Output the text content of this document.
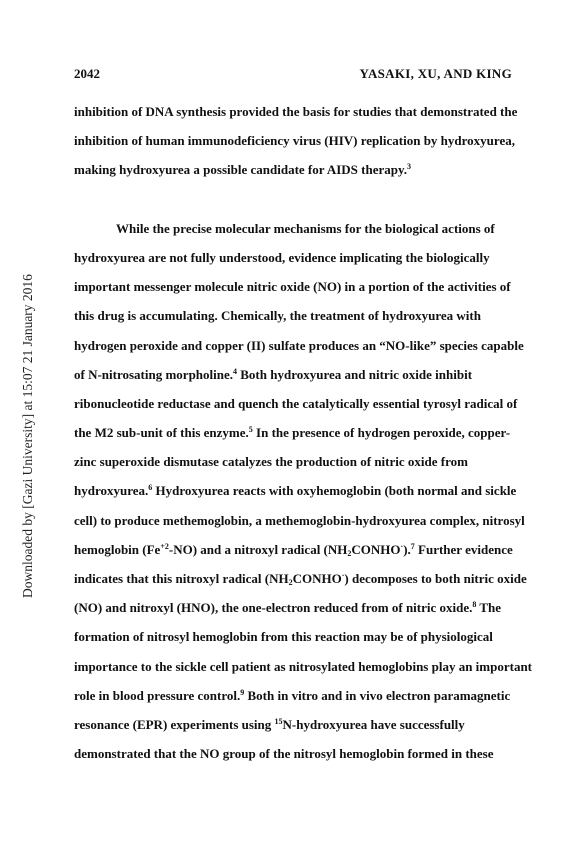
2042	YASAKI, XU, AND KING
Downloaded by [Gazi University] at 15:07 21 January 2016
inhibition of DNA synthesis provided the basis for studies that demonstrated the
inhibition of human immunodeficiency virus (HIV) replication by hydroxyurea,
making hydroxyurea a possible candidate for AIDS therapy.$^3$
While the precise molecular mechanisms for the biological actions of
hydroxyurea are not fully understood, evidence implicating the biologically
important messenger molecule nitric oxide (NO) in a portion of the activities of
this drug is accumulating. Chemically, the treatment of hydroxyurea with
hydrogen peroxide and copper (II) sulfate produces an “NO-like” species capable
of N-nitrosating morpholine.$^4$ Both hydroxyurea and nitric oxide inhibit
ribonucleotide reductase and quench the catalytically essential tyrosyl radical of
the M2 sub-unit of this enzyme.$^5$ In the presence of hydrogen peroxide, copper-
zinc superoxide dismutase catalyzes the production of nitric oxide from
hydroxyurea.$^6$ Hydroxyurea reacts with oxyhemoglobin (both normal and sickle
cell) to produce methemoglobin, a methemoglobin-hydroxyurea complex, nitrosyl
hemoglobin $(Fe^{+2}-NO)$ and a nitroxyl radical $(NH_2CONHO^\cdot).^7$ Further evidence
indicates that this nitroxyl radical $(NH_2CONHO^\cdot)$ decomposes to both nitric oxide
(NO) and nitroxyl (HNO), the one-electron reduced from of nitric oxide.$^8$ The
formation of nitrosyl hemoglobin from this reaction may be of physiological
importance to the sickle cell patient as nitrosylated hemoglobins play an important
role in blood pressure control.$^9$ Both in vitro and in vivo electron paramagnetic
resonance (EPR) experiments using $^{15}$N-hydroxyurea have successfully
demonstrated that the NO group of the nitrosyl hemoglobin formed in these
